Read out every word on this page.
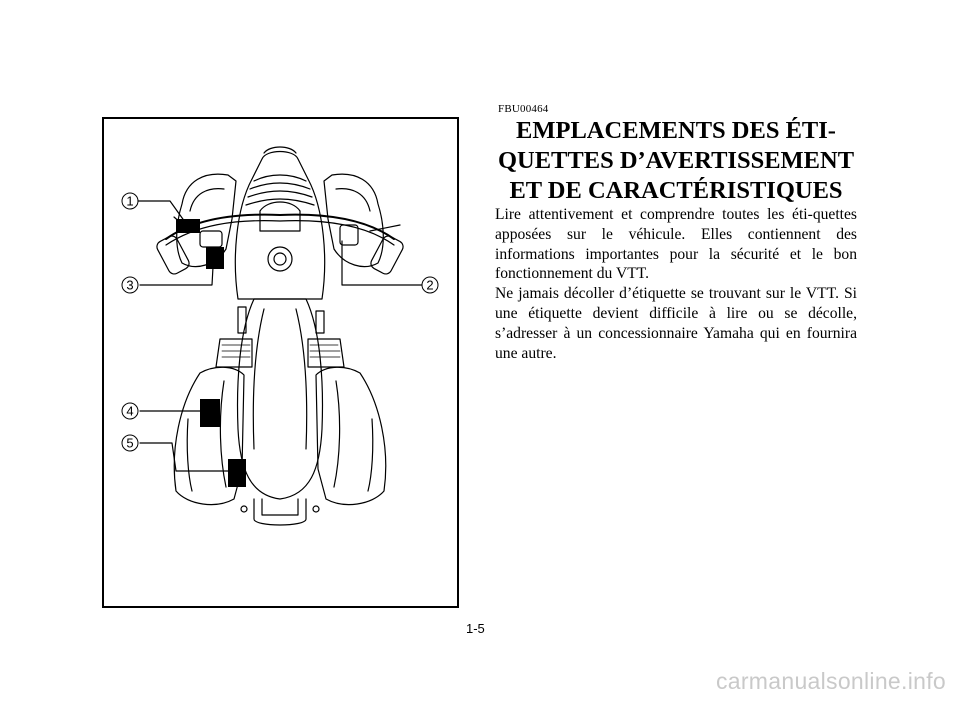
1
2
3
4
5
FBU00464
EMPLACEMENTS DES ÉTI-
QUETTES D’AVERTISSEMENT
ET DE CARACTÉRISTIQUES

Lire attentivement et comprendre toutes les éti-quettes apposées sur le véhicule. Elles contiennent des informations importantes pour la sécurité et le bon fonctionnement du VTT.

Ne jamais décoller d’étiquette se trouvant sur le VTT. Si une étiquette devient difficile à lire ou se décolle, s’adresser à un concessionnaire Yamaha qui en fournira une autre.

1-5
carmanualsonline.info
